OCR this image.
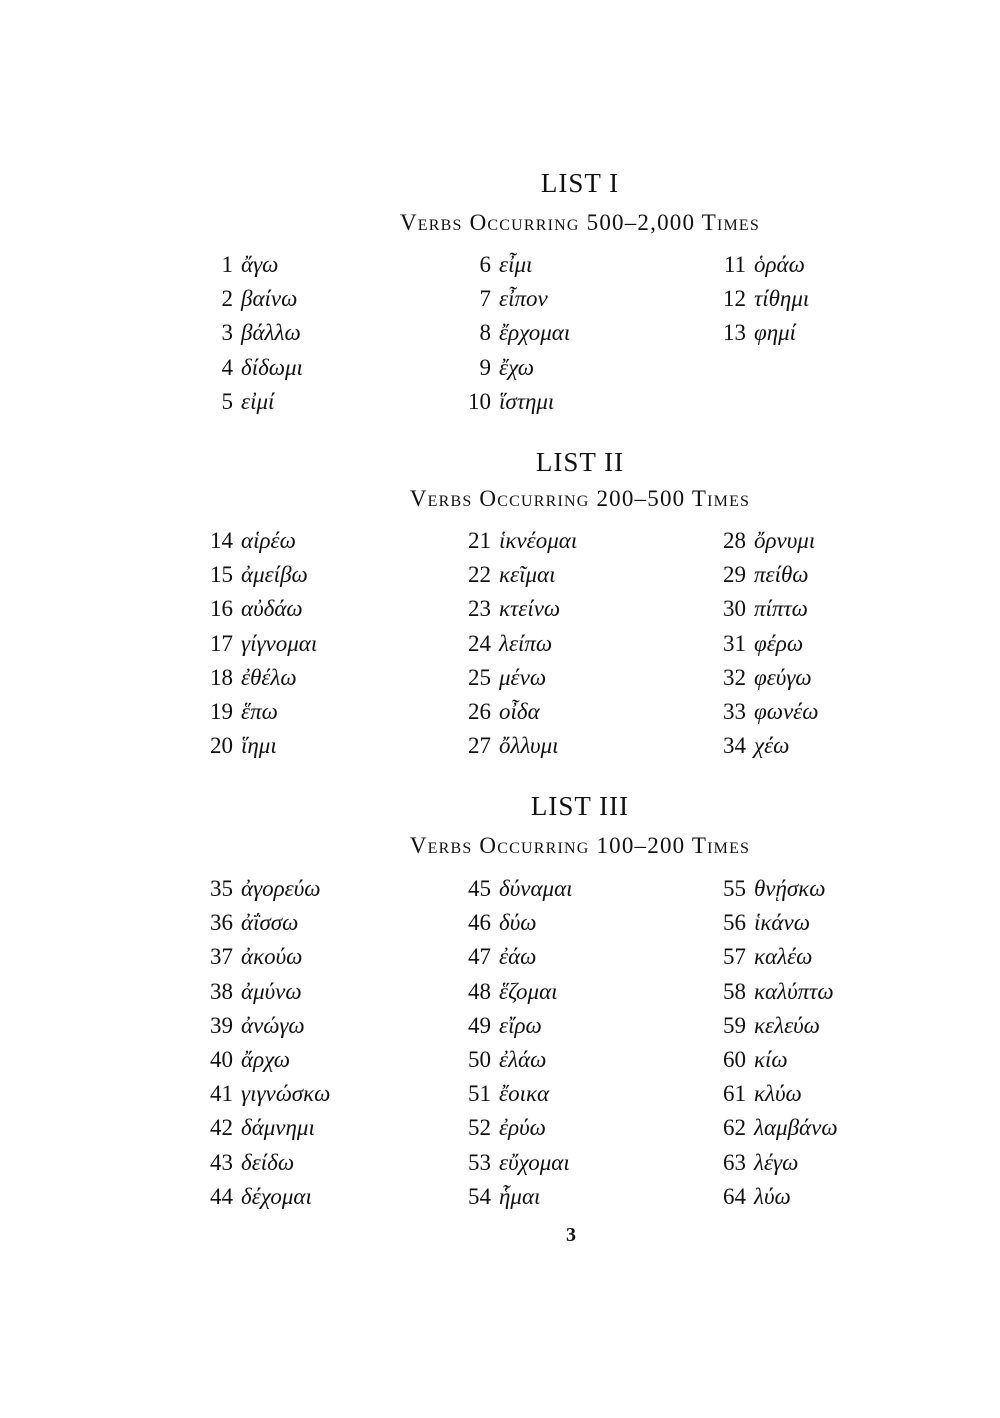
LIST I
Verbs Occurring 500–2,000 Times
1 ἄγω
2 βαίνω
3 βάλλω
4 δίδωμι
5 εἰμί
6 εἶμι
7 εἶπον
8 ἔρχομαι
9 ἔχω
10 ἵστημι
11 ὁράω
12 τίθημι
13 φημί
LIST II
Verbs Occurring 200–500 Times
14 αἱρέω
15 ἀμείβω
16 αὐδάω
17 γίγνομαι
18 ἐθέλω
19 ἕπω
20 ἵημι
21 ἱκνέομαι
22 κεῖμαι
23 κτείνω
24 λείπω
25 μένω
26 οἶδα
27 ὄλλυμι
28 ὄρνυμι
29 πείθω
30 πίπτω
31 φέρω
32 φεύγω
33 φωνέω
34 χέω
LIST III
Verbs Occurring 100–200 Times
35 ἀγορεύω
36 ἀΐσσω
37 ἀκούω
38 ἀμύνω
39 ἀνώγω
40 ἄρχω
41 γιγνώσκω
42 δάμνημι
43 δείδω
44 δέχομαι
45 δύναμαι
46 δύω
47 ἐάω
48 ἕζομαι
49 εἴρω
50 ἐλάω
51 ἔοικα
52 ἐρύω
53 εὔχομαι
54 ἧμαι
55 θνῄσκω
56 ἱκάνω
57 καλέω
58 καλύπτω
59 κελεύω
60 κίω
61 κλύω
62 λαμβάνω
63 λέγω
64 λύω
3
